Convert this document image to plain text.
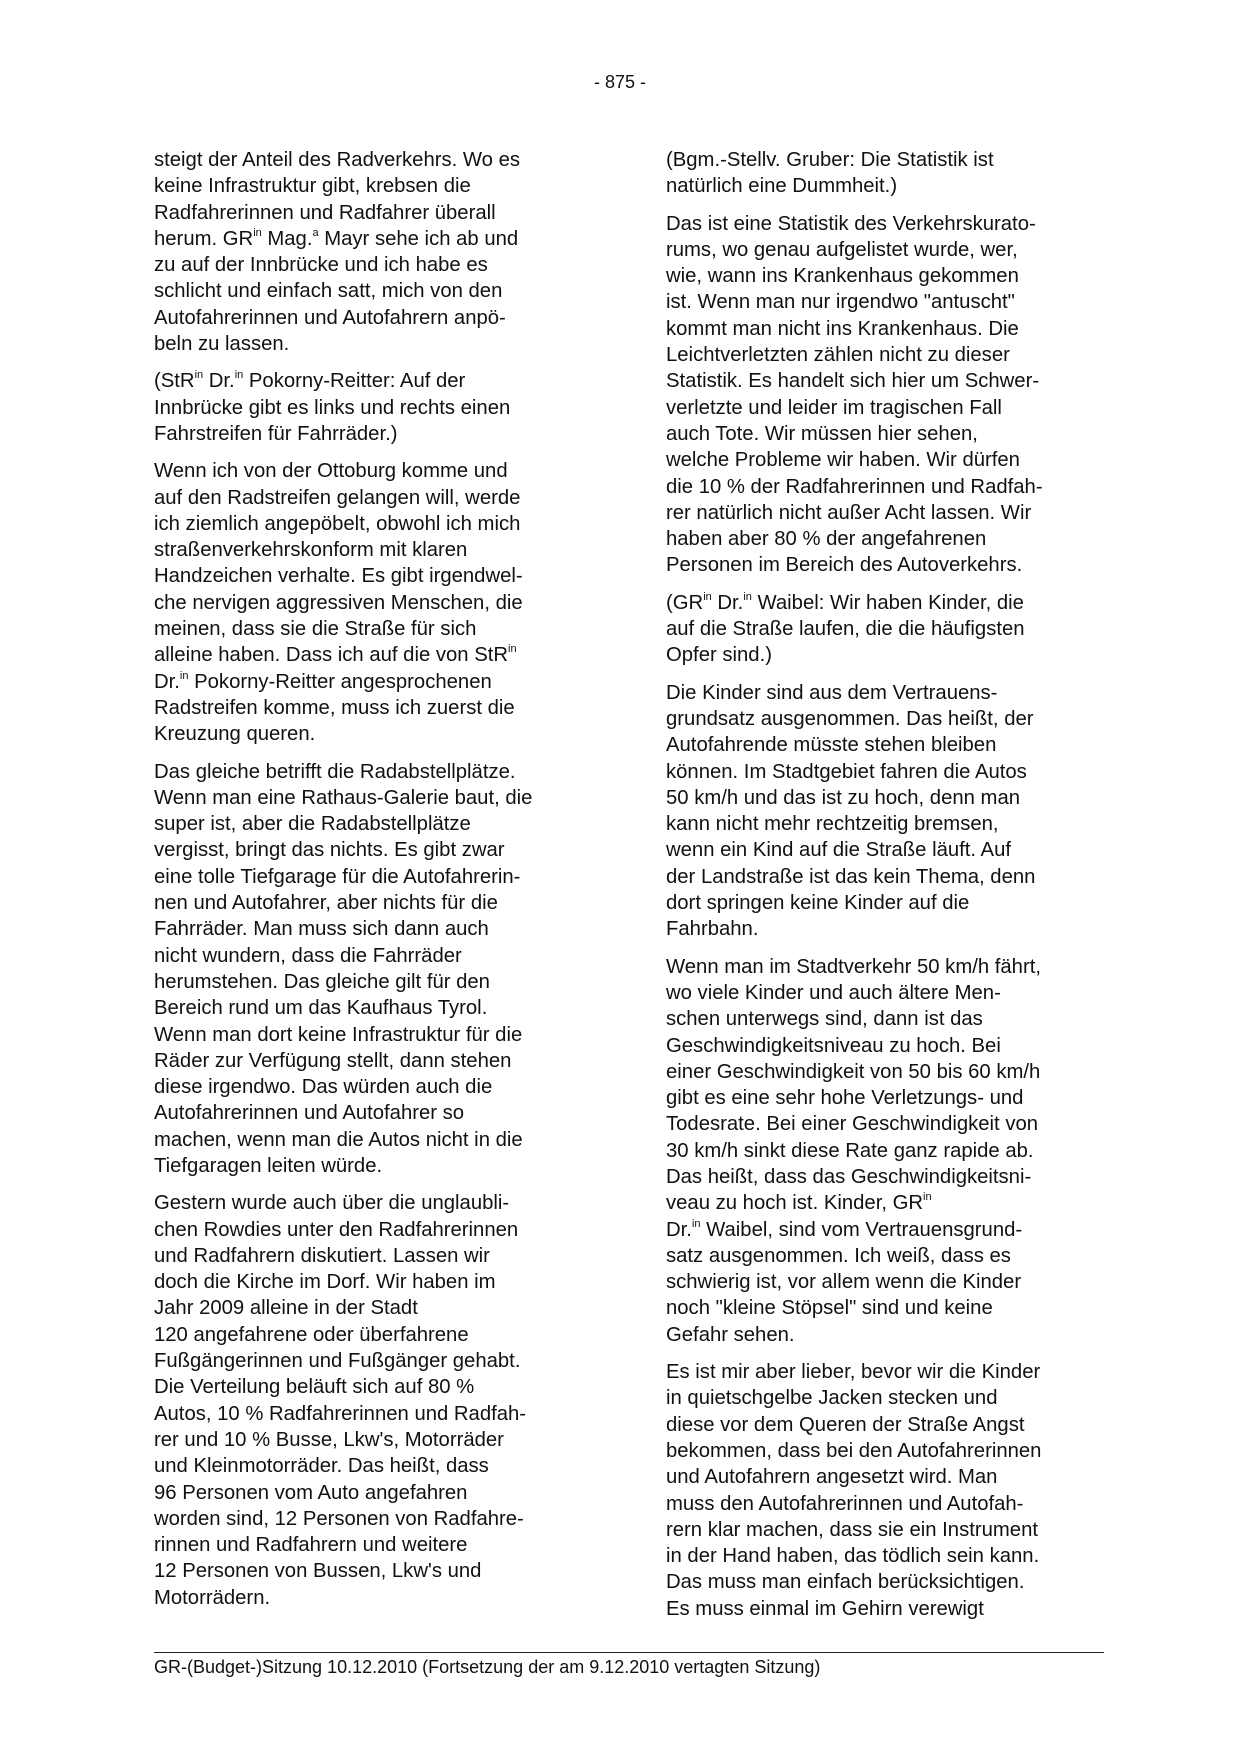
- 875 -
steigt der Anteil des Radverkehrs. Wo es
keine Infrastruktur gibt, krebsen die
Radfahrerinnen und Radfahrer überall
herum. $GR^{in}$ Mag.$^a$ Mayr sehe ich ab und
zu auf der Innbrücke und ich habe es
schlicht und einfach satt, mich von den
Autofahrerinnen und Autofahrern anpö-
beln zu lassen.
(StR$^{in}$ Dr.$^{in}$ Pokorny-Reitter: Auf der
Innbrücke gibt es links und rechts einen
Fahrstreifen für Fahrräder.)
Wenn ich von der Ottoburg komme und
auf den Radstreifen gelangen will, werde
ich ziemlich angepöbelt, obwohl ich mich
straßenverkehrskonform mit klaren
Handzeichen verhalte. Es gibt irgendwel-
che nervigen aggressiven Menschen, die
meinen, dass sie die Straße für sich
alleine haben. Dass ich auf die von StR$^{in}$
Dr.$^{in}$ Pokorny-Reitter angesprochenen
Radstreifen komme, muss ich zuerst die
Kreuzung queren.
Das gleiche betrifft die Radabstellplätze.
Wenn man eine Rathaus-Galerie baut, die
super ist, aber die Radabstellplätze
vergisst, bringt das nichts. Es gibt zwar
eine tolle Tiefgarage für die Autofahrerin-
nen und Autofahrer, aber nichts für die
Fahrräder. Man muss sich dann auch
nicht wundern, dass die Fahrräder
herumstehen. Das gleiche gilt für den
Bereich rund um das Kaufhaus Tyrol.
Wenn man dort keine Infrastruktur für die
Räder zur Verfügung stellt, dann stehen
diese irgendwo. Das würden auch die
Autofahrerinnen und Autofahrer so
machen, wenn man die Autos nicht in die
Tiefgaragen leiten würde.
Gestern wurde auch über die unglaubli-
chen Rowdies unter den Radfahrerinnen
und Radfahrern diskutiert. Lassen wir
doch die Kirche im Dorf. Wir haben im
Jahr 2009 alleine in der Stadt
120 angefahrene oder überfahrene
Fußgängerinnen und Fußgänger gehabt.
Die Verteilung beläuft sich auf 80 %
Autos, 10 % Radfahrerinnen und Radfah-
rer und 10 % Busse, Lkw's, Motorräder
und Kleinmotorräder. Das heißt, dass
96 Personen vom Auto angefahren
worden sind, 12 Personen von Radfahre-
rinnen und Radfahrern und weitere
12 Personen von Bussen, Lkw's und
Motorrädern.
(Bgm.-Stellv. Gruber: Die Statistik ist
natürlich eine Dummheit.)
Das ist eine Statistik des Verkehrskurato-
rums, wo genau aufgelistet wurde, wer,
wie, wann ins Krankenhaus gekommen
ist. Wenn man nur irgendwo "antuscht"
kommt man nicht ins Krankenhaus. Die
Leichtverletzten zählen nicht zu dieser
Statistik. Es handelt sich hier um Schwer-
verletzte und leider im tragischen Fall
auch Tote. Wir müssen hier sehen,
welche Probleme wir haben. Wir dürfen
die 10 % der Radfahrerinnen und Radfah-
rer natürlich nicht außer Acht lassen. Wir
haben aber 80 % der angefahrenen
Personen im Bereich des Autoverkehrs.
($GR^{in}$ Dr.$^{in}$ Waibel: Wir haben Kinder, die
auf die Straße laufen, die die häufigsten
Opfer sind.)
Die Kinder sind aus dem Vertrauens-
grundsatz ausgenommen. Das heißt, der
Autofahrende müsste stehen bleiben
können. Im Stadtgebiet fahren die Autos
50 km/h und das ist zu hoch, denn man
kann nicht mehr rechtzeitig bremsen,
wenn ein Kind auf die Straße läuft. Auf
der Landstraße ist das kein Thema, denn
dort springen keine Kinder auf die
Fahrbahn.
Wenn man im Stadtverkehr 50 km/h fährt,
wo viele Kinder und auch ältere Men-
schen unterwegs sind, dann ist das
Geschwindigkeitsniveau zu hoch. Bei
einer Geschwindigkeit von 50 bis 60 km/h
gibt es eine sehr hohe Verletzungs- und
Todesrate. Bei einer Geschwindigkeit von
30 km/h sinkt diese Rate ganz rapide ab.
Das heißt, dass das Geschwindigkeitsni-
veau zu hoch ist. Kinder, $GR^{in}$
Dr.$^{in}$ Waibel, sind vom Vertrauensgrund-
satz ausgenommen. Ich weiß, dass es
schwierig ist, vor allem wenn die Kinder
noch "kleine Stöpsel" sind und keine
Gefahr sehen.
Es ist mir aber lieber, bevor wir die Kinder
in quietschgelbe Jacken stecken und
diese vor dem Queren der Straße Angst
bekommen, dass bei den Autofahrerinnen
und Autofahrern angesetzt wird. Man
muss den Autofahrerinnen und Autofah-
rern klar machen, dass sie ein Instrument
in der Hand haben, das tödlich sein kann.
Das muss man einfach berücksichtigen.
Es muss einmal im Gehirn verewigt
GR-(Budget-)Sitzung 10.12.2010 (Fortsetzung der am 9.12.2010 vertagten Sitzung)
